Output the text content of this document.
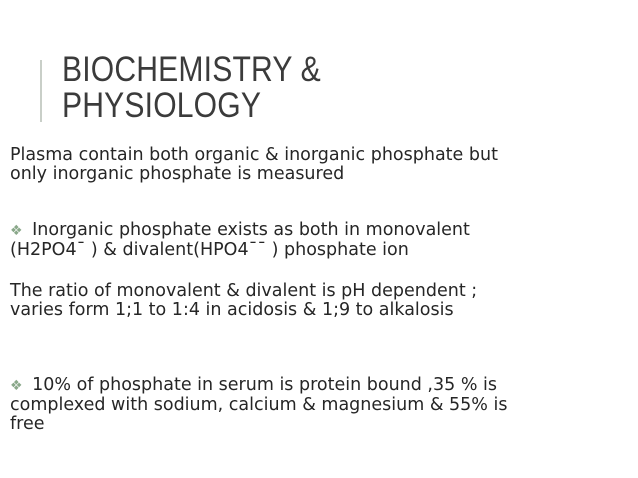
BIOCHEMISTRY &
PHYSIOLOGY
Plasma contain both organic & inorganic phosphate but
only inorganic phosphate is measured
❖ Inorganic phosphate exists as both in monovalent
(H2PO4¯ ) & divalent(HPO4¯¯ ) phosphate ion
The ratio of monovalent & divalent is pH dependent ;
varies form 1;1 to 1:4 in acidosis & 1;9 to alkalosis
❖ 10% of phosphate in serum is protein bound ,35 % is
complexed with sodium, calcium & magnesium & 55% is
free
